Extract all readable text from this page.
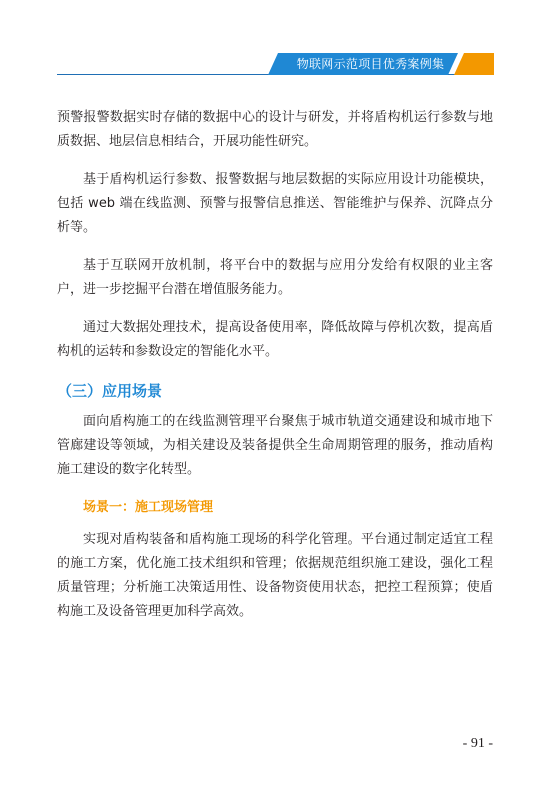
物联网示范项目优秀案例集

预警报警数据实时存储的数据中心的设计与研发，并将盾构机运行参数与地质数据、地层信息相结合，开展功能性研究。

基于盾构机运行参数、报警数据与地层数据的实际应用设计功能模块，包括 web 端在线监测、预警与报警信息推送、智能维护与保养、沉降点分析等。

基于互联网开放机制，将平台中的数据与应用分发给有权限的业主客户，进一步挖掘平台潜在增值服务能力。

通过大数据处理技术，提高设备使用率，降低故障与停机次数，提高盾构机的运转和参数设定的智能化水平。

（三）应用场景

面向盾构施工的在线监测管理平台聚焦于城市轨道交通建设和城市地下管廊建设等领域，为相关建设及装备提供全生命周期管理的服务，推动盾构施工建设的数字化转型。

场景一：施工现场管理

实现对盾构装备和盾构施工现场的科学化管理。平台通过制定适宜工程的施工方案，优化施工技术组织和管理；依据规范组织施工建设，强化工程质量管理；分析施工决策适用性、设备物资使用状态，把控工程预算；使盾构施工及设备管理更加科学高效。

- 91 -
